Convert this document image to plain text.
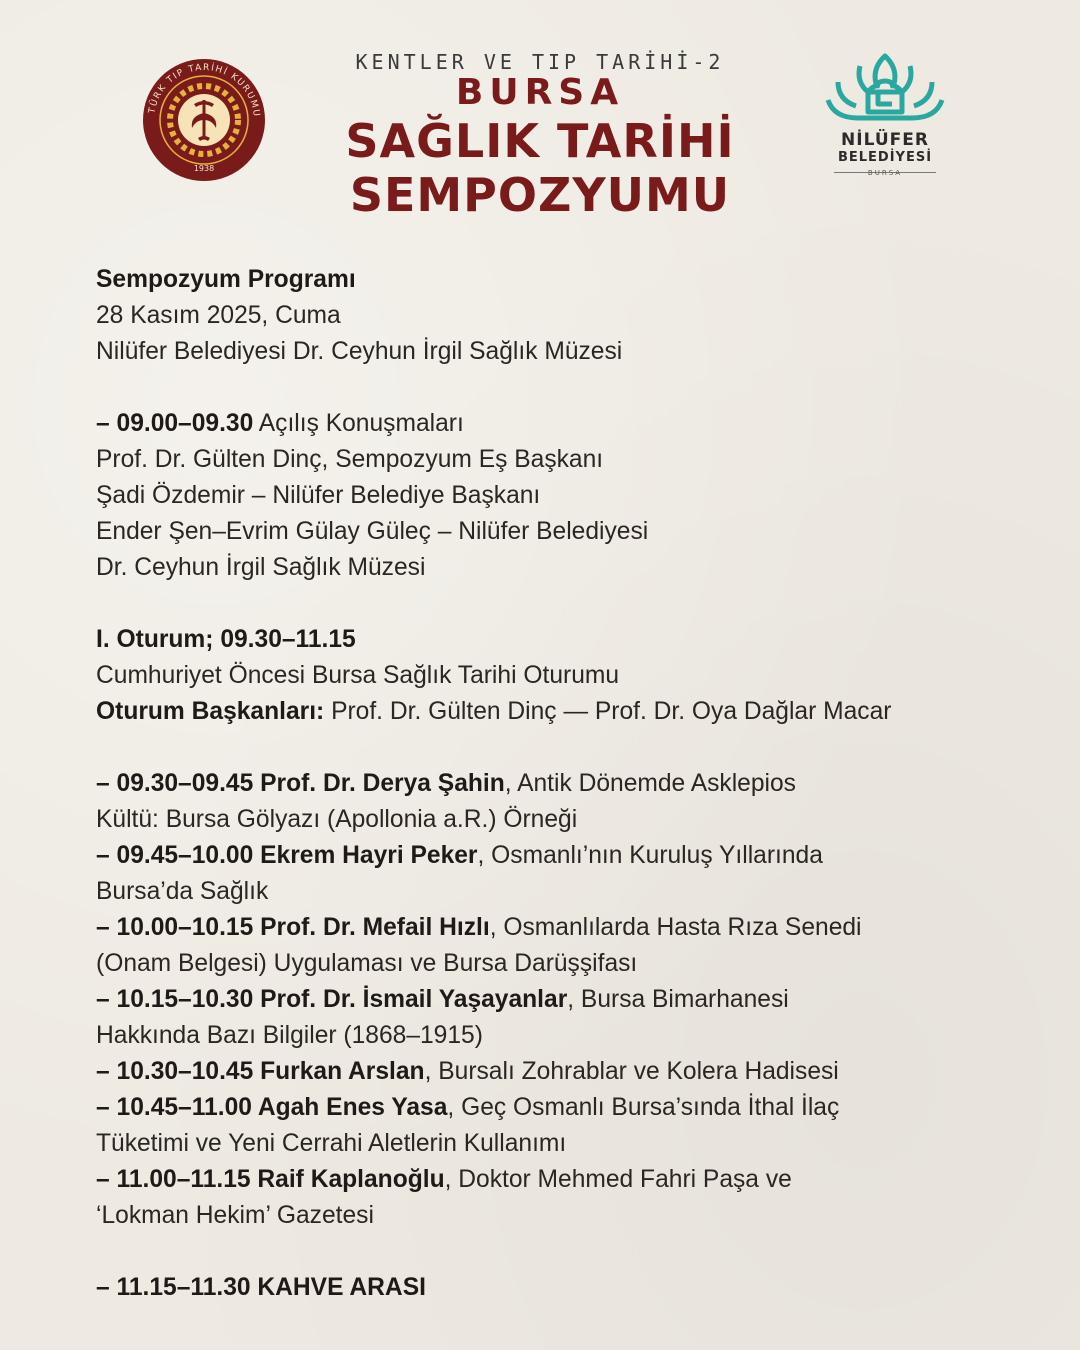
TÜRK TIP TARİHİ KURUMU
1938
KENTLER VE TIP TARİHİ-2
BURSA
SAĞLIK TARİHİ
SEMPOZYUMU
NİLÜFER
BELEDİYESİ
BURSA
Sempozyum Programı
28 Kasım 2025, Cuma
Nilüfer Belediyesi Dr. Ceyhun İrgil Sağlık Müzesi
– 09.00–09.30 Açılış Konuşmaları
Prof. Dr. Gülten Dinç, Sempozyum Eş Başkanı
Şadi Özdemir – Nilüfer Belediye Başkanı
Ender Şen–Evrim Gülay Güleç – Nilüfer Belediyesi
Dr. Ceyhun İrgil Sağlık Müzesi
I. Oturum; 09.30–11.15
Cumhuriyet Öncesi Bursa Sağlık Tarihi Oturumu
Oturum Başkanları: Prof. Dr. Gülten Dinç — Prof. Dr. Oya Dağlar Macar
– 09.30–09.45 Prof. Dr. Derya Şahin, Antik Dönemde Asklepios
Kültü: Bursa Gölyazı (Apollonia a.R.) Örneği
– 09.45–10.00 Ekrem Hayri Peker, Osmanlı’nın Kuruluş Yıllarında
Bursa’da Sağlık
– 10.00–10.15 Prof. Dr. Mefail Hızlı, Osmanlılarda Hasta Rıza Senedi
(Onam Belgesi) Uygulaması ve Bursa Darüşşifası
– 10.15–10.30 Prof. Dr. İsmail Yaşayanlar, Bursa Bimarhanesi
Hakkında Bazı Bilgiler (1868–1915)
– 10.30–10.45 Furkan Arslan, Bursalı Zohrablar ve Kolera Hadisesi
– 10.45–11.00 Agah Enes Yasa, Geç Osmanlı Bursa’sında İthal İlaç
Tüketimi ve Yeni Cerrahi Aletlerin Kullanımı
– 11.00–11.15 Raif Kaplanoğlu, Doktor Mehmed Fahri Paşa ve
‘Lokman Hekim’ Gazetesi
– 11.15–11.30 KAHVE ARASI
